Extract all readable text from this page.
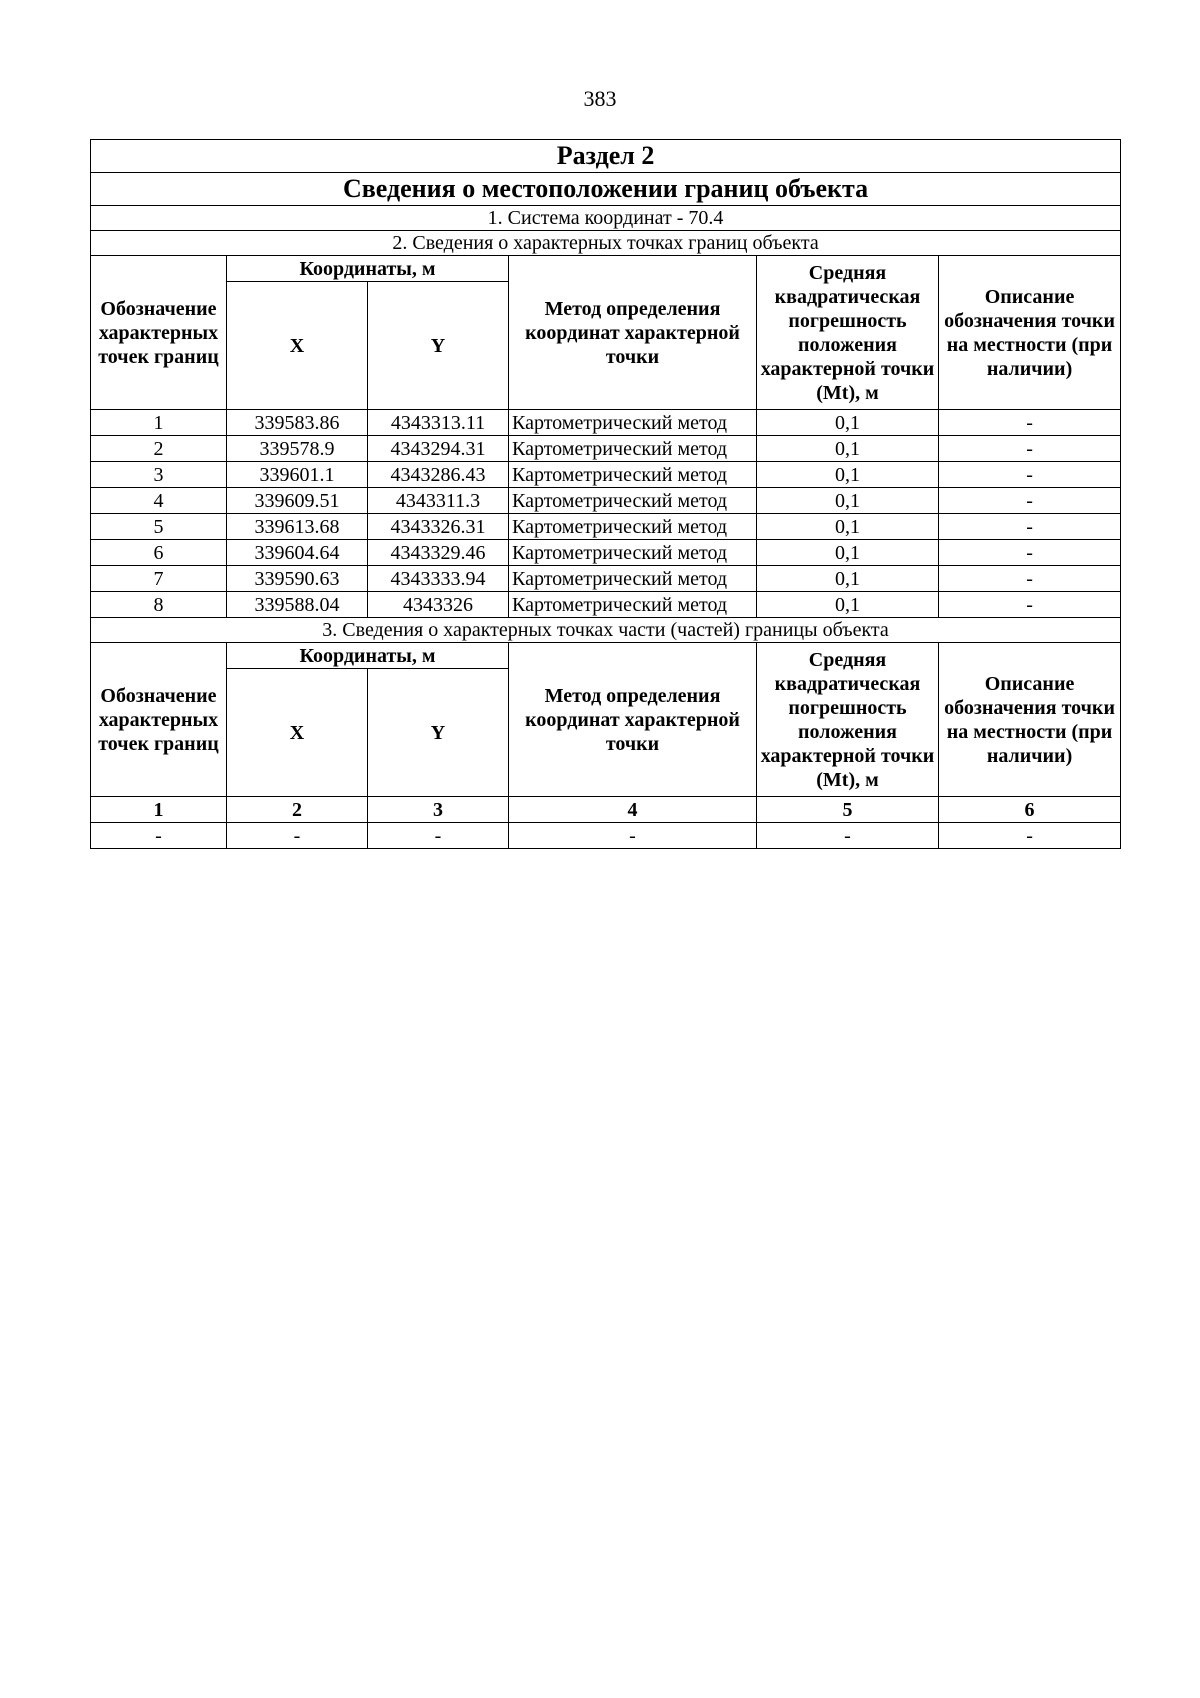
383
Раздел 2					
Сведения о местоположении границ объекта					
1. Система координат - 70.4					
2. Сведения о характерных точках границ объекта					
Обозначение характерных точек границ	Координаты, м		Метод определения координат характерной точки	Средняя квадратическая погрешность положения характерной точки (Mt), м	Описание обозначения точки на местности (при наличии)
	X	Y			
1	339583.86	4343313.11	Картометрический метод	0,1	-
2	339578.9	4343294.31	Картометрический метод	0,1	-
3	339601.1	4343286.43	Картометрический метод	0,1	-
4	339609.51	4343311.3	Картометрический метод	0,1	-
5	339613.68	4343326.31	Картометрический метод	0,1	-
6	339604.64	4343329.46	Картометрический метод	0,1	-
7	339590.63	4343333.94	Картометрический метод	0,1	-
8	339588.04	4343326	Картометрический метод	0,1	-
3. Сведения о характерных точках части (частей) границы объекта					
Обозначение характерных точек границ	Координаты, м		Метод определения координат характерной точки	Средняя квадратическая погрешность положения характерной точки (Mt), м	Описание обозначения точки на местности (при наличии)
	X	Y			
1	2	3	4	5	6
-	-	-	-	-	-
